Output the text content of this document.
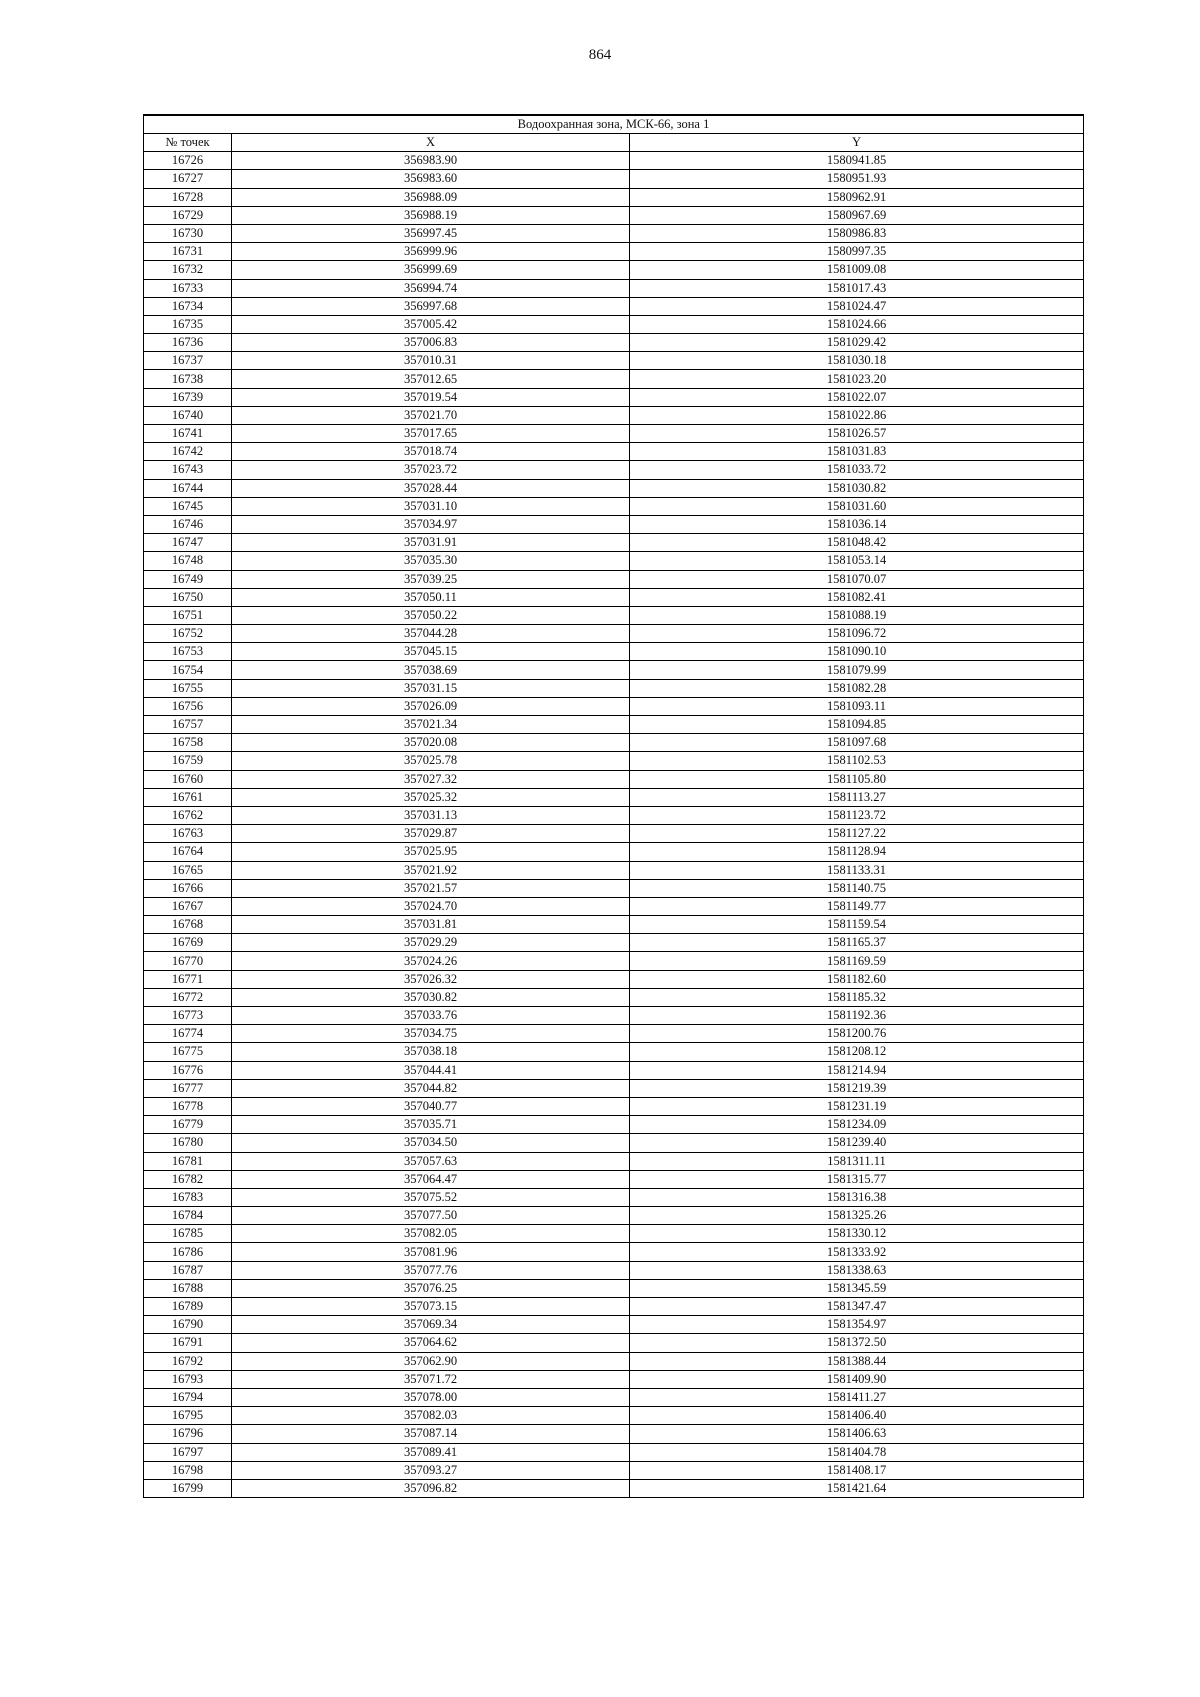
864
Водоохранная зона, МСК-66, зона 1		
№ точек	X	Y
16726	356983.90	1580941.85
16727	356983.60	1580951.93
16728	356988.09	1580962.91
16729	356988.19	1580967.69
16730	356997.45	1580986.83
16731	356999.96	1580997.35
16732	356999.69	1581009.08
16733	356994.74	1581017.43
16734	356997.68	1581024.47
16735	357005.42	1581024.66
16736	357006.83	1581029.42
16737	357010.31	1581030.18
16738	357012.65	1581023.20
16739	357019.54	1581022.07
16740	357021.70	1581022.86
16741	357017.65	1581026.57
16742	357018.74	1581031.83
16743	357023.72	1581033.72
16744	357028.44	1581030.82
16745	357031.10	1581031.60
16746	357034.97	1581036.14
16747	357031.91	1581048.42
16748	357035.30	1581053.14
16749	357039.25	1581070.07
16750	357050.11	1581082.41
16751	357050.22	1581088.19
16752	357044.28	1581096.72
16753	357045.15	1581090.10
16754	357038.69	1581079.99
16755	357031.15	1581082.28
16756	357026.09	1581093.11
16757	357021.34	1581094.85
16758	357020.08	1581097.68
16759	357025.78	1581102.53
16760	357027.32	1581105.80
16761	357025.32	1581113.27
16762	357031.13	1581123.72
16763	357029.87	1581127.22
16764	357025.95	1581128.94
16765	357021.92	1581133.31
16766	357021.57	1581140.75
16767	357024.70	1581149.77
16768	357031.81	1581159.54
16769	357029.29	1581165.37
16770	357024.26	1581169.59
16771	357026.32	1581182.60
16772	357030.82	1581185.32
16773	357033.76	1581192.36
16774	357034.75	1581200.76
16775	357038.18	1581208.12
16776	357044.41	1581214.94
16777	357044.82	1581219.39
16778	357040.77	1581231.19
16779	357035.71	1581234.09
16780	357034.50	1581239.40
16781	357057.63	1581311.11
16782	357064.47	1581315.77
16783	357075.52	1581316.38
16784	357077.50	1581325.26
16785	357082.05	1581330.12
16786	357081.96	1581333.92
16787	357077.76	1581338.63
16788	357076.25	1581345.59
16789	357073.15	1581347.47
16790	357069.34	1581354.97
16791	357064.62	1581372.50
16792	357062.90	1581388.44
16793	357071.72	1581409.90
16794	357078.00	1581411.27
16795	357082.03	1581406.40
16796	357087.14	1581406.63
16797	357089.41	1581404.78
16798	357093.27	1581408.17
16799	357096.82	1581421.64
